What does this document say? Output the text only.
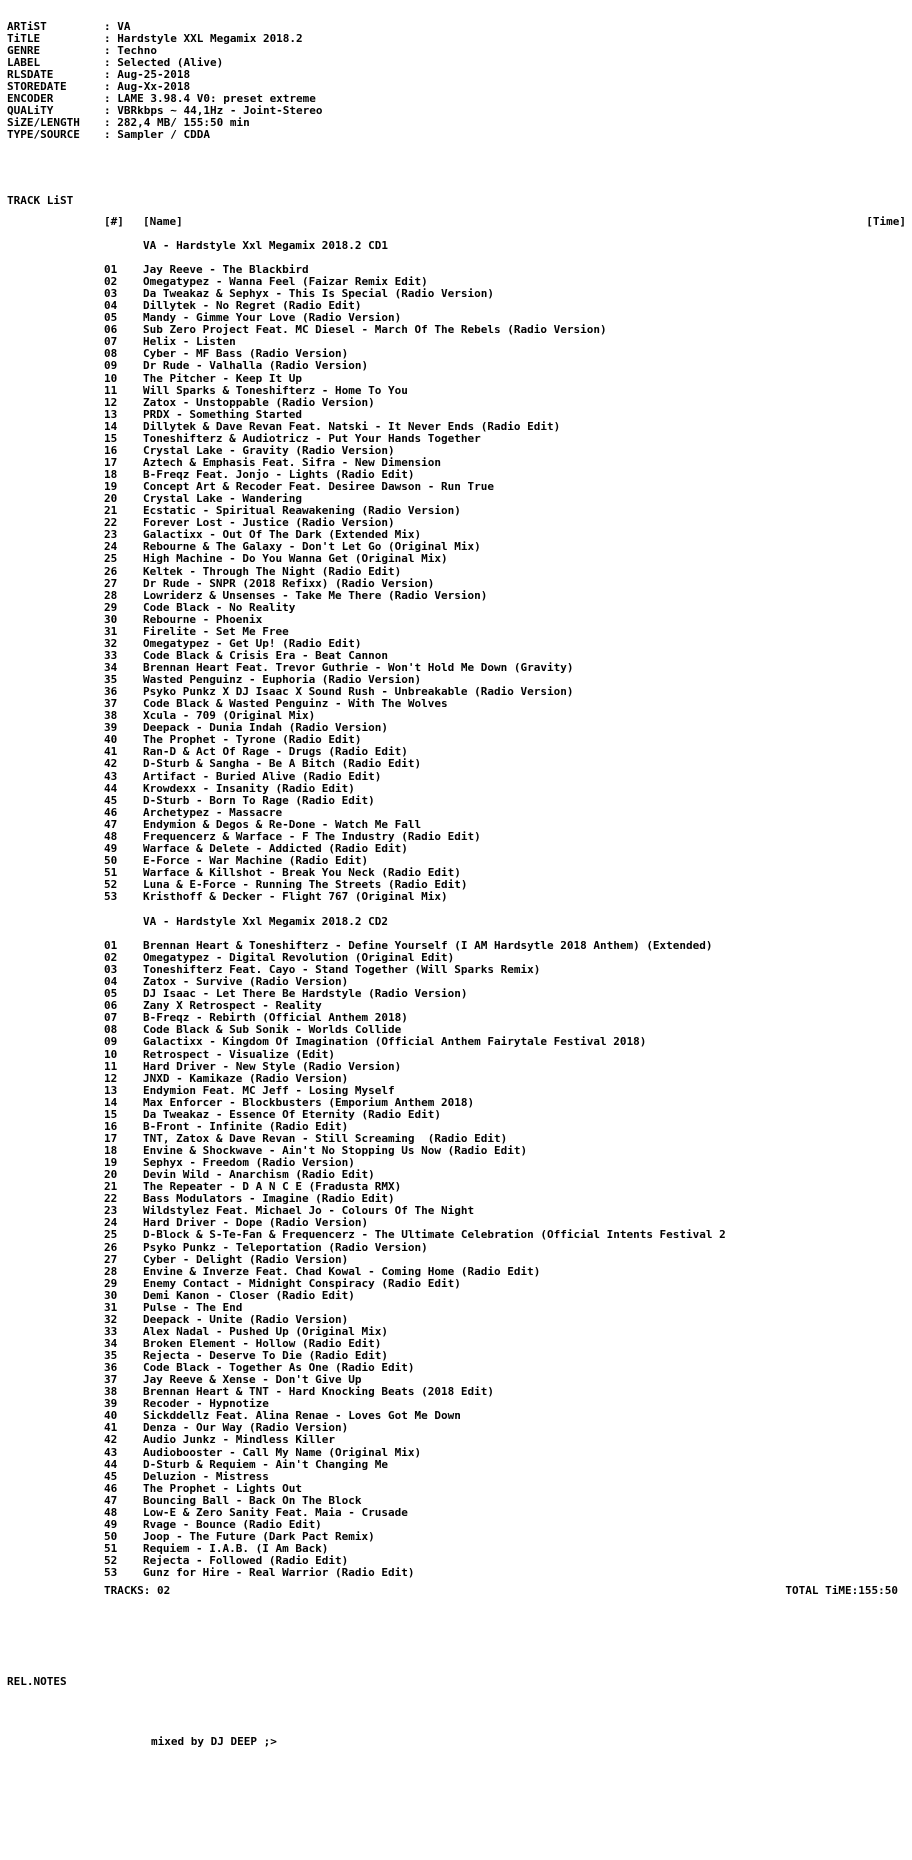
ARTiST	: VA
TiTLE	: Hardstyle XXL Megamix 2018.2
GENRE	: Techno
LABEL	: Selected (Alive)
RLSDATE	: Aug-25-2018
STOREDATE	: Aug-Xx-2018
ENCODER	: LAME 3.98.4 V0: preset extreme
QUALiTY	: VBRkbps ~ 44,1Hz - Joint-Stereo
SiZE/LENGTH : 282,4 MB/ 155:50 min
TYPE/SOURCE : Sampler / CDDA
TRACK LiST
[#] [Name]	[Time]
VA - Hardstyle Xxl Megamix 2018.2 CD1
01 Jay Reeve - The Blackbird
02 Omegatypez - Wanna Feel (Faizar Remix Edit)
03 Da Tweakaz & Sephyx - This Is Special (Radio Version)
04 Dillytek - No Regret (Radio Edit)
05 Mandy - Gimme Your Love (Radio Version)
06 Sub Zero Project Feat. MC Diesel - March Of The Rebels (Radio Version)
07 Helix - Listen
08 Cyber - MF Bass (Radio Version)
09 Dr Rude - Valhalla (Radio Version)
10 The Pitcher - Keep It Up
11 Will Sparks & Toneshifterz - Home To You
12 Zatox - Unstoppable (Radio Version)
13 PRDX - Something Started
14 Dillytek & Dave Revan Feat. Natski - It Never Ends (Radio Edit)
15 Toneshifterz & Audiotricz - Put Your Hands Together
16 Crystal Lake - Gravity (Radio Version)
17 Aztech & Emphasis Feat. Sifra - New Dimension
18 B-Freqz Feat. Jonjo - Lights (Radio Edit)
19 Concept Art & Recoder Feat. Desiree Dawson - Run True
20 Crystal Lake - Wandering
21 Ecstatic - Spiritual Reawakening (Radio Version)
22 Forever Lost - Justice (Radio Version)
23 Galactixx - Out Of The Dark (Extended Mix)
24 Rebourne & The Galaxy - Don't Let Go (Original Mix)
25 High Machine - Do You Wanna Get (Original Mix)
26 Keltek - Through The Night (Radio Edit)
27 Dr Rude - SNPR (2018 Refixx) (Radio Version)
28 Lowriderz & Unsenses - Take Me There (Radio Version)
29 Code Black - No Reality
30 Rebourne - Phoenix
31 Firelite - Set Me Free
32 Omegatypez - Get Up! (Radio Edit)
33 Code Black & Crisis Era - Beat Cannon
34 Brennan Heart Feat. Trevor Guthrie - Won't Hold Me Down (Gravity)
35 Wasted Penguinz - Euphoria (Radio Version)
36 Psyko Punkz X DJ Isaac X Sound Rush - Unbreakable (Radio Version)
37 Code Black & Wasted Penguinz - With The Wolves
38 Xcula - 709 (Original Mix)
39 Deepack - Dunia Indah (Radio Version)
40 The Prophet - Tyrone (Radio Edit)
41 Ran-D & Act Of Rage - Drugs (Radio Edit)
42 D-Sturb & Sangha - Be A Bitch (Radio Edit)
43 Artifact - Buried Alive (Radio Edit)
44 Krowdexx - Insanity (Radio Edit)
45 D-Sturb - Born To Rage (Radio Edit)
46 Archetypez - Massacre
47 Endymion & Degos & Re-Done - Watch Me Fall
48 Frequencerz & Warface - F The Industry (Radio Edit)
49 Warface & Delete - Addicted (Radio Edit)
50 E-Force - War Machine (Radio Edit)
51 Warface & Killshot - Break You Neck (Radio Edit)
52 Luna & E-Force - Running The Streets (Radio Edit)
53 Kristhoff & Decker - Flight 767 (Original Mix)
VA - Hardstyle Xxl Megamix 2018.2 CD2
01 Brennan Heart & Toneshifterz - Define Yourself (I AM Hardsytle 2018 Anthem) (Extended)
02 Omegatypez - Digital Revolution (Original Edit)
03 Toneshifterz Feat. Cayo - Stand Together (Will Sparks Remix)
04 Zatox - Survive (Radio Version)
05 DJ Isaac - Let There Be Hardstyle (Radio Version)
06 Zany X Retrospect - Reality
07 B-Freqz - Rebirth (Official Anthem 2018)
08 Code Black & Sub Sonik - Worlds Collide
09 Galactixx - Kingdom Of Imagination (Official Anthem Fairytale Festival 2018)
10 Retrospect - Visualize (Edit)
11 Hard Driver - New Style (Radio Version)
12 JNXD - Kamikaze (Radio Version)
13 Endymion Feat. MC Jeff - Losing Myself
14 Max Enforcer - Blockbusters (Emporium Anthem 2018)
15 Da Tweakaz - Essence Of Eternity (Radio Edit)
16 B-Front - Infinite (Radio Edit)
17 TNT, Zatox & Dave Revan - Still Screaming  (Radio Edit)
18 Envine & Shockwave - Ain't No Stopping Us Now (Radio Edit)
19 Sephyx - Freedom (Radio Version)
20 Devin Wild - Anarchism (Radio Edit)
21 The Repeater - D A N C E (Fradusta RMX)
22 Bass Modulators - Imagine (Radio Edit)
23 Wildstylez Feat. Michael Jo - Colours Of The Night
24 Hard Driver - Dope (Radio Version)
25 D-Block & S-Te-Fan & Frequencerz - The Ultimate Celebration (Official Intents Festival 2
26 Psyko Punkz - Teleportation (Radio Version)
27 Cyber - Delight (Radio Version)
28 Envine & Inverze Feat. Chad Kowal - Coming Home (Radio Edit)
29 Enemy Contact - Midnight Conspiracy (Radio Edit)
30 Demi Kanon - Closer (Radio Edit)
31 Pulse - The End
32 Deepack - Unite (Radio Version)
33 Alex Nadal - Pushed Up (Original Mix)
34 Broken Element - Hollow (Radio Edit)
35 Rejecta - Deserve To Die (Radio Edit)
36 Code Black - Together As One (Radio Edit)
37 Jay Reeve & Xense - Don't Give Up
38 Brennan Heart & TNT - Hard Knocking Beats (2018 Edit)
39 Recoder - Hypnotize
40 Sickddellz Feat. Alina Renae - Loves Got Me Down
41 Denza - Our Way (Radio Version)
42 Audio Junkz - Mindless Killer
43 Audiobooster - Call My Name (Original Mix)
44 D-Sturb & Requiem - Ain't Changing Me
45 Deluzion - Mistress
46 The Prophet - Lights Out
47 Bouncing Ball - Back On The Block
48 Low-E & Zero Sanity Feat. Maia - Crusade
49 Rvage - Bounce (Radio Edit)
50 Joop - The Future (Dark Pact Remix)
51 Requiem - I.A.B. (I Am Back)
52 Rejecta - Followed (Radio Edit)
53 Gunz for Hire - Real Warrior (Radio Edit)
TRACKS: 02	TOTAL TiME:155:50
REL.NOTES
mixed by DJ DEEP ;>
